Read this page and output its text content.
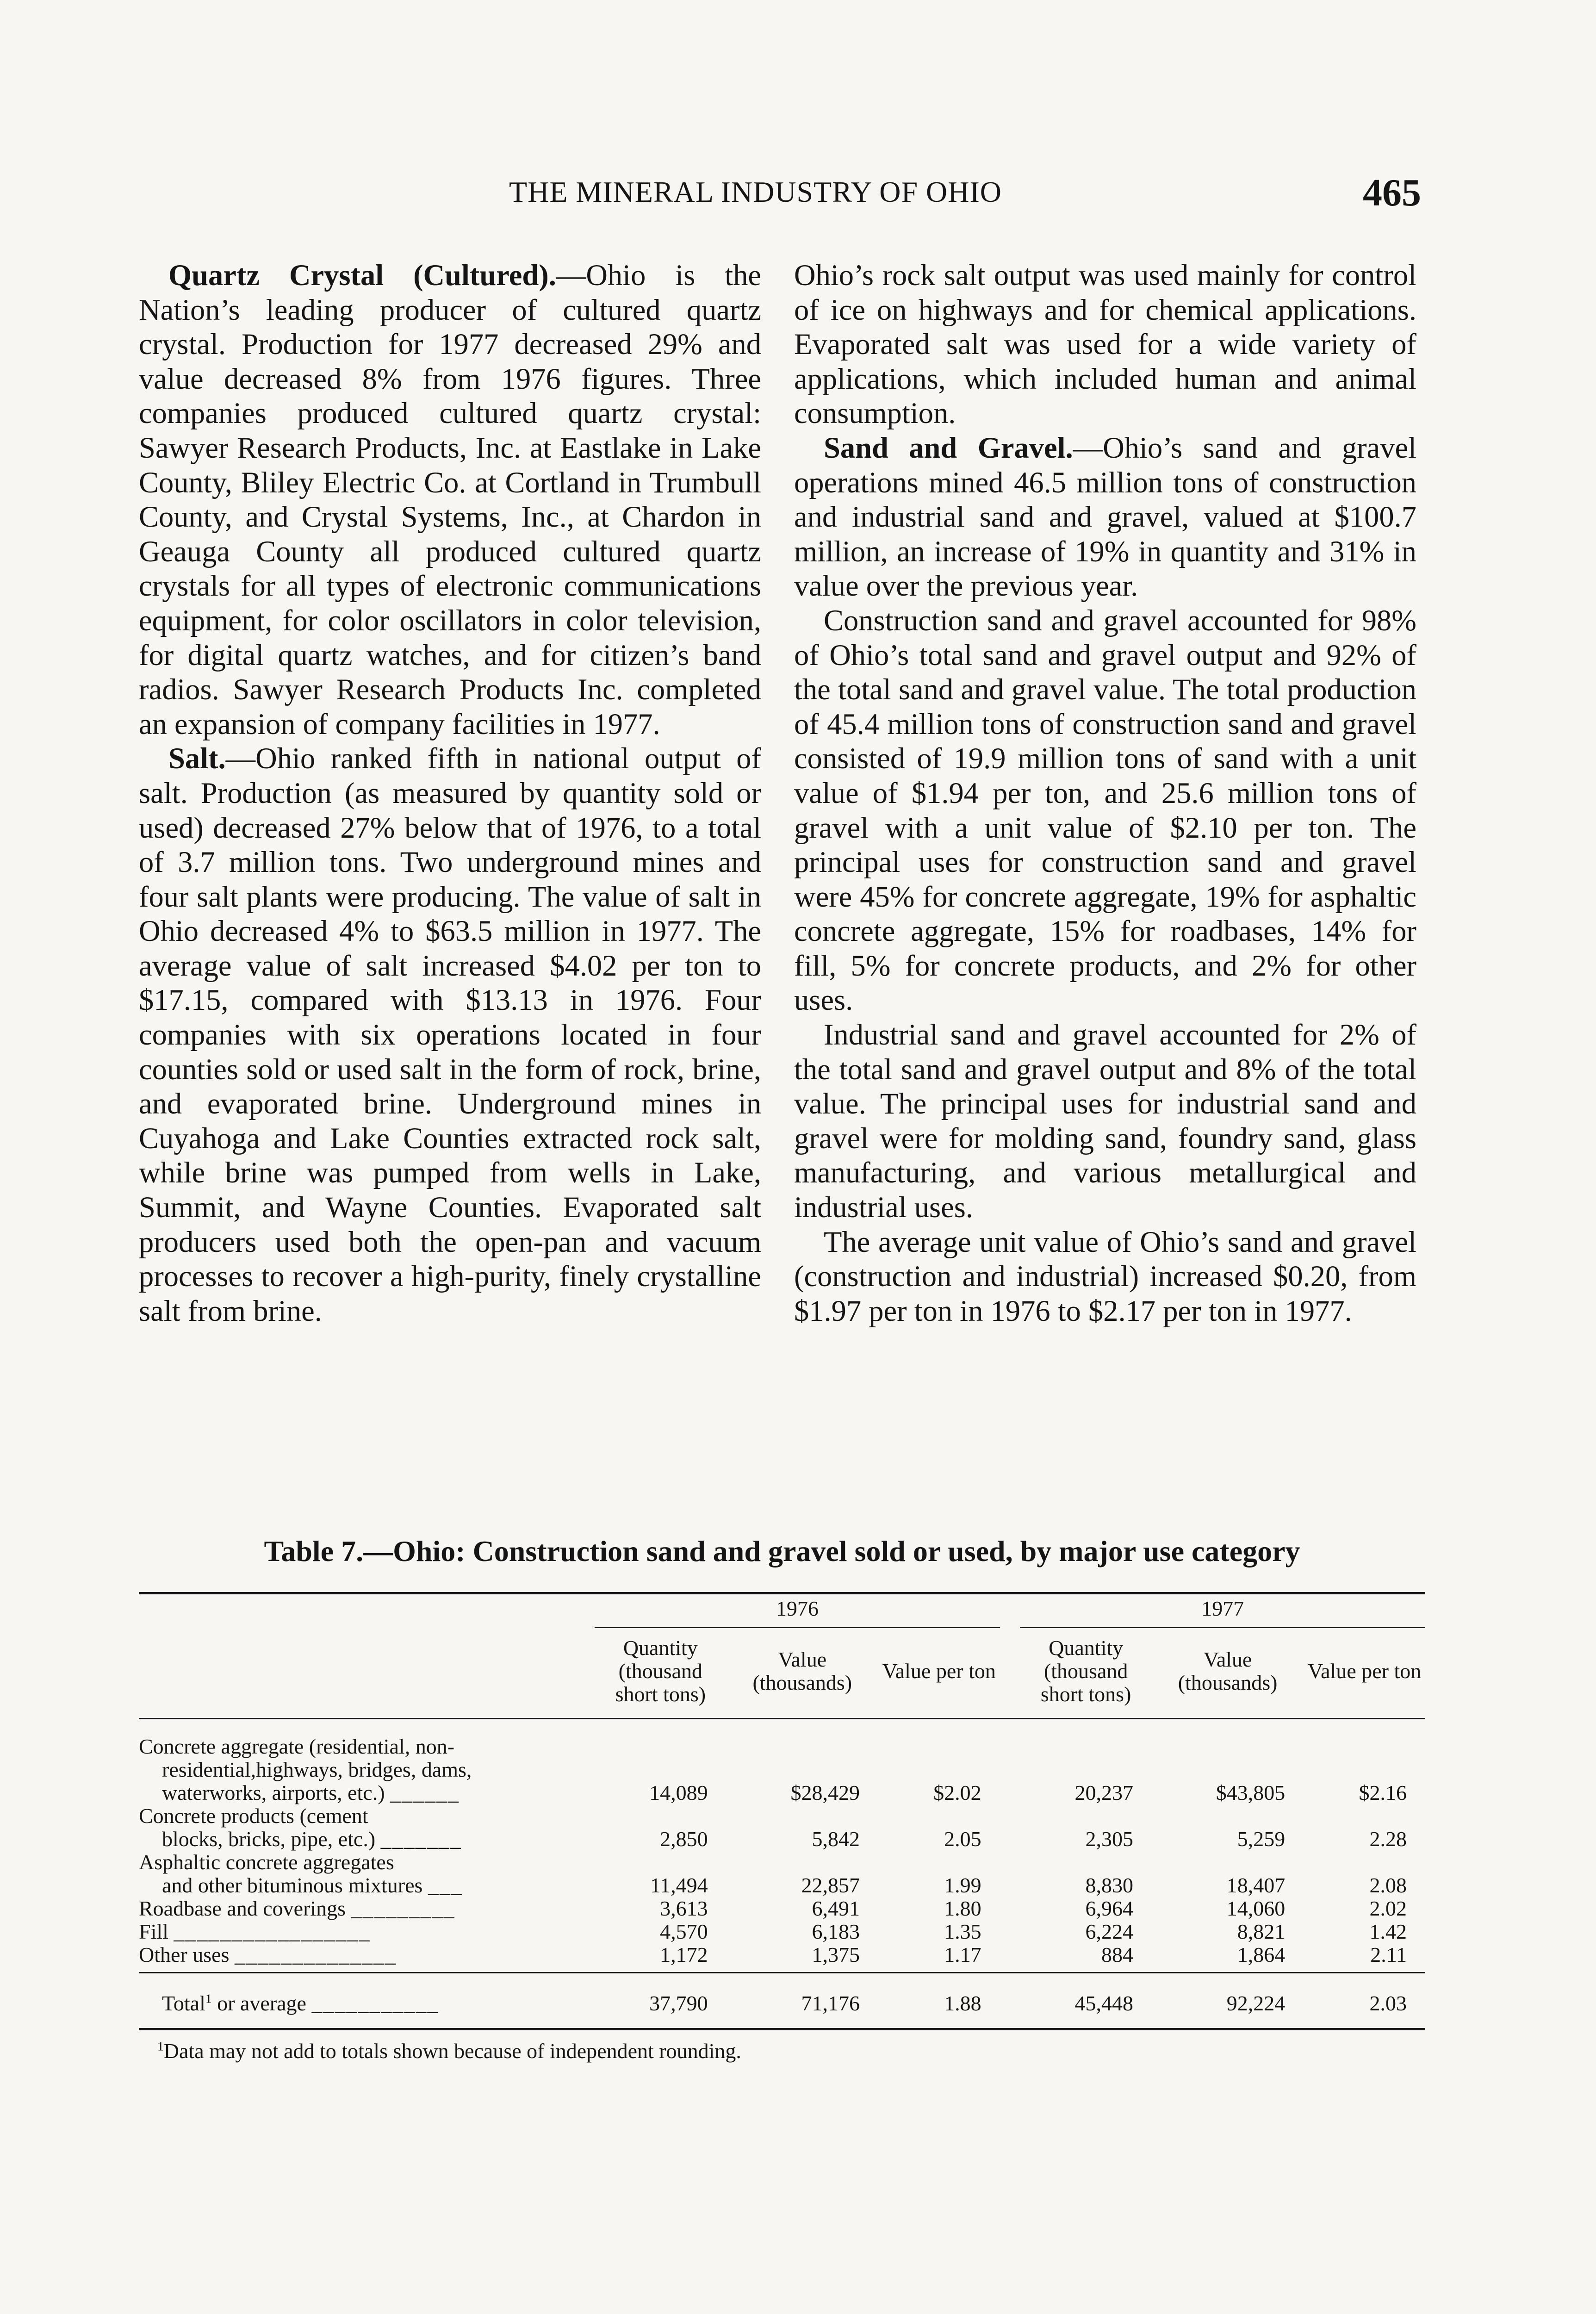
THE MINERAL INDUSTRY OF OHIO	465

Quartz Crystal (Cultured).—Ohio is the Nation’s leading producer of cultured quartz crystal. Production for 1977 decreased 29% and value decreased 8% from 1976 figures. Three companies produced cultured quartz crystal: Sawyer Research Products, Inc. at Eastlake in Lake County, Bliley Electric Co. at Cortland in Trumbull County, and Crystal Systems, Inc., at Chardon in Geauga County all produced cultured quartz crystals for all types of electronic communications equipment, for color oscillators in color television, for digital quartz watches, and for citizen’s band radios. Sawyer Research Products Inc. completed an expansion of company facilities in 1977.

Salt.—Ohio ranked fifth in national output of salt. Production (as measured by quantity sold or used) decreased 27% below that of 1976, to a total of 3.7 million tons. Two underground mines and four salt plants were producing. The value of salt in Ohio decreased 4% to $63.5 million in 1977. The average value of salt increased $4.02 per ton to $17.15, compared with $13.13 in 1976. Four companies with six operations located in four counties sold or used salt in the form of rock, brine, and evaporated brine. Underground mines in Cuyahoga and Lake Counties extracted rock salt, while brine was pumped from wells in Lake, Summit, and Wayne Counties. Evaporated salt producers used both the open-pan and vacuum processes to recover a high-purity, finely crystalline salt from brine.

Ohio’s rock salt output was used mainly for control of ice on highways and for chemical applications. Evaporated salt was used for a wide variety of applications, which included human and animal consumption.

Sand and Gravel.—Ohio’s sand and gravel operations mined 46.5 million tons of construction and industrial sand and gravel, valued at $100.7 million, an increase of 19% in quantity and 31% in value over the previous year.

Construction sand and gravel accounted for 98% of Ohio’s total sand and gravel output and 92% of the total sand and gravel value. The total production of 45.4 million tons of construction sand and gravel consisted of 19.9 million tons of sand with a unit value of $1.94 per ton, and 25.6 million tons of gravel with a unit value of $2.10 per ton. The principal uses for construction sand and gravel were 45% for concrete aggregate, 19% for asphaltic concrete aggregate, 15% for roadbases, 14% for fill, 5% for concrete products, and 2% for other uses.

Industrial sand and gravel accounted for 2% of the total sand and gravel output and 8% of the total value. The principal uses for industrial sand and gravel were for molding sand, foundry sand, glass manufacturing, and various metallurgical and industrial uses.

The average unit value of Ohio’s sand and gravel (construction and industrial) increased $0.20, from $1.97 per ton in 1976 to $2.17 per ton in 1977.

Table 7.—Ohio: Construction sand and gravel sold or used, by major use category
	1976				1977		
	Quantity (thousand short tons)	Value (thousands)	Value per ton		Quantity (thousand short tons)	Value (thousands)	Value per ton
Concrete aggregate (residential, non-

residential,highways, bridges, dams,
waterworks, airports, etc.) ______	14,089	$28,429	$2.02		20,237	$43,805	$2.16
Concrete products (cement

blocks, bricks, pipe, etc.) _______	2,850	5,842	2.05		2,305	5,259	2.28
Asphaltic concrete aggregates

and other bituminous mixtures ___	11,494	22,857	1.99		8,830	18,407	2.08
Roadbase and coverings _________	3,613	6,491	1.80		6,964	14,060	2.02
Fill _________________	4,570	6,183	1.35		6,224	8,821	1.42
Other uses ______________	1,172	1,375	1.17		884	1,864	2.11

Total$^1$ or average ___________	37,790	71,176	1.88		45,448	92,224	2.03
$^1$Data may not add to totals shown because of independent rounding.
